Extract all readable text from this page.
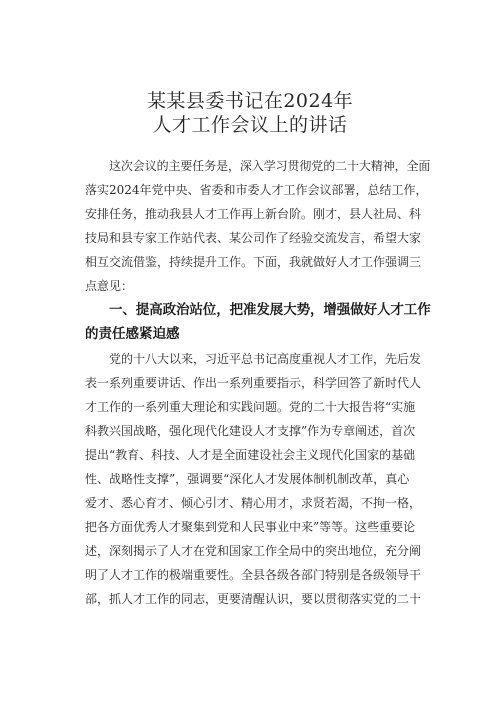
某某县委书记在2024年
人才工作会议上的讲话
这次会议的主要任务是，深入学习贯彻党的二十大精神，全面
落实2024年党中央、省委和市委人才工作会议部署，总结工作，
安排任务，推动我县人才工作再上新台阶。刚才，县人社局、科
技局和县专家工作站代表、某公司作了经验交流发言，希望大家
相互交流借鉴，持续提升工作。下面，我就做好人才工作强调三
点意见：
一、提高政治站位，把准发展大势，增强做好人才工作
的责任感紧迫感
党的十八大以来，习近平总书记高度重视人才工作，先后发
表一系列重要讲话、作出一系列重要指示，科学回答了新时代人
才工作的一系列重大理论和实践问题。党的二十大报告将“实施
科教兴国战略，强化现代化建设人才支撑”作为专章阐述，首次
提出“教育、科技、人才是全面建设社会主义现代化国家的基础
性、战略性支撑”，强调要“深化人才发展体制机制改革，真心
爱才、悉心育才、倾心引才、精心用才，求贤若渴，不拘一格，
把各方面优秀人才聚集到党和人民事业中来”等等。这些重要论
述，深刻揭示了人才在党和国家工作全局中的突出地位，充分阐
明了人才工作的极端重要性。全县各级各部门特别是各级领导干
部，抓人才工作的同志，更要清醒认识，要以贯彻落实党的二十
